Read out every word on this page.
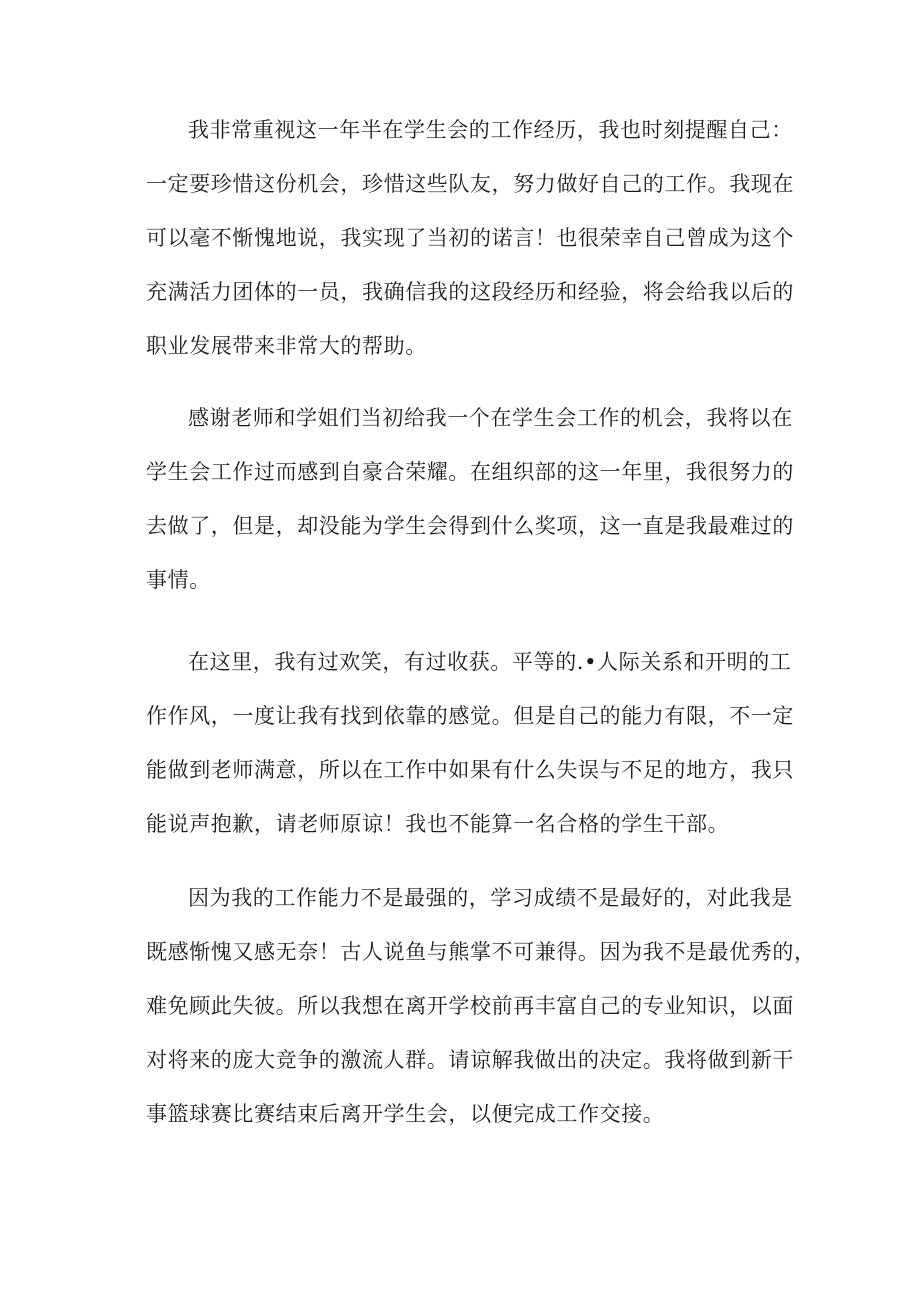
我非常重视这一年半在学生会的工作经历，我也时刻提醒自己：
一定要珍惜这份机会，珍惜这些队友，努力做好自己的工作。我现在
可以毫不惭愧地说，我实现了当初的诺言！也很荣幸自己曾成为这个
充满活力团体的一员，我确信我的这段经历和经验，将会给我以后的
职业发展带来非常大的帮助。
感谢老师和学姐们当初给我一个在学生会工作的机会，我将以在
学生会工作过而感到自豪合荣耀。在组织部的这一年里，我很努力的
去做了，但是，却没能为学生会得到什么奖项，这一直是我最难过的
事情。
在这里，我有过欢笑，有过收获。平等的.•人际关系和开明的工
作作风，一度让我有找到依靠的感觉。但是自己的能力有限，不一定
能做到老师满意，所以在工作中如果有什么失误与不足的地方，我只
能说声抱歉，请老师原谅！我也不能算一名合格的学生干部。
因为我的工作能力不是最强的，学习成绩不是最好的，对此我是
既感惭愧又感无奈！古人说鱼与熊掌不可兼得。因为我不是最优秀的，
难免顾此失彼。所以我想在离开学校前再丰富自己的专业知识，以面
对将来的庞大竞争的激流人群。请谅解我做出的决定。我将做到新干
事篮球赛比赛结束后离开学生会，以便完成工作交接。
